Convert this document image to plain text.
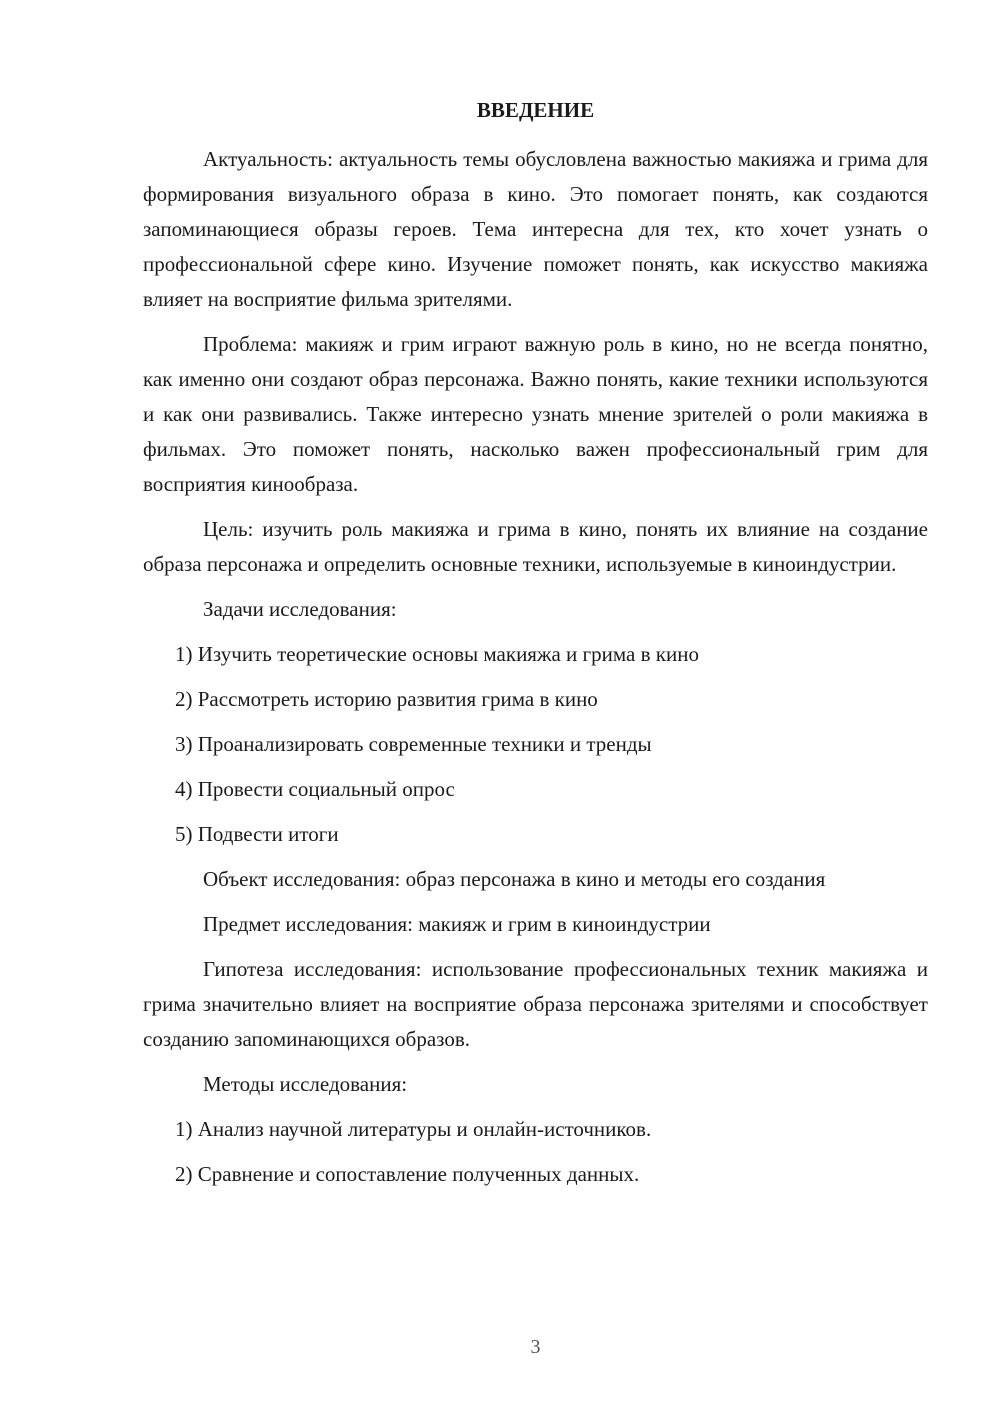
ВВЕДЕНИЕ

Актуальность: актуальность темы обусловлена важностью макияжа и грима для формирования визуального образа в кино. Это помогает понять, как создаются запоминающиеся образы героев. Тема интересна для тех, кто хочет узнать о профессиональной сфере кино. Изучение поможет понять, как искусство макияжа влияет на восприятие фильма зрителями.

Проблема: макияж и грим играют важную роль в кино, но не всегда понятно, как именно они создают образ персонажа. Важно понять, какие техники используются и как они развивались. Также интересно узнать мнение зрителей о роли макияжа в фильмах. Это поможет понять, насколько важен профессиональный грим для восприятия кинообраза.

Цель: изучить роль макияжа и грима в кино, понять их влияние на создание образа персонажа и определить основные техники, используемые в киноиндустрии.

Задачи исследования:

1) Изучить теоретические основы макияжа и грима в кино
2) Рассмотреть историю развития грима в кино
3) Проанализировать современные техники и тренды
4) Провести социальный опрос
5) Подвести итоги

Объект исследования: образ персонажа в кино и методы его создания

Предмет исследования: макияж и грим в киноиндустрии

Гипотеза исследования: использование профессиональных техник макияжа и грима значительно влияет на восприятие образа персонажа зрителями и способствует созданию запоминающихся образов.

Методы исследования:

1) Анализ научной литературы и онлайн-источников.
2) Сравнение и сопоставление полученных данных.
3
